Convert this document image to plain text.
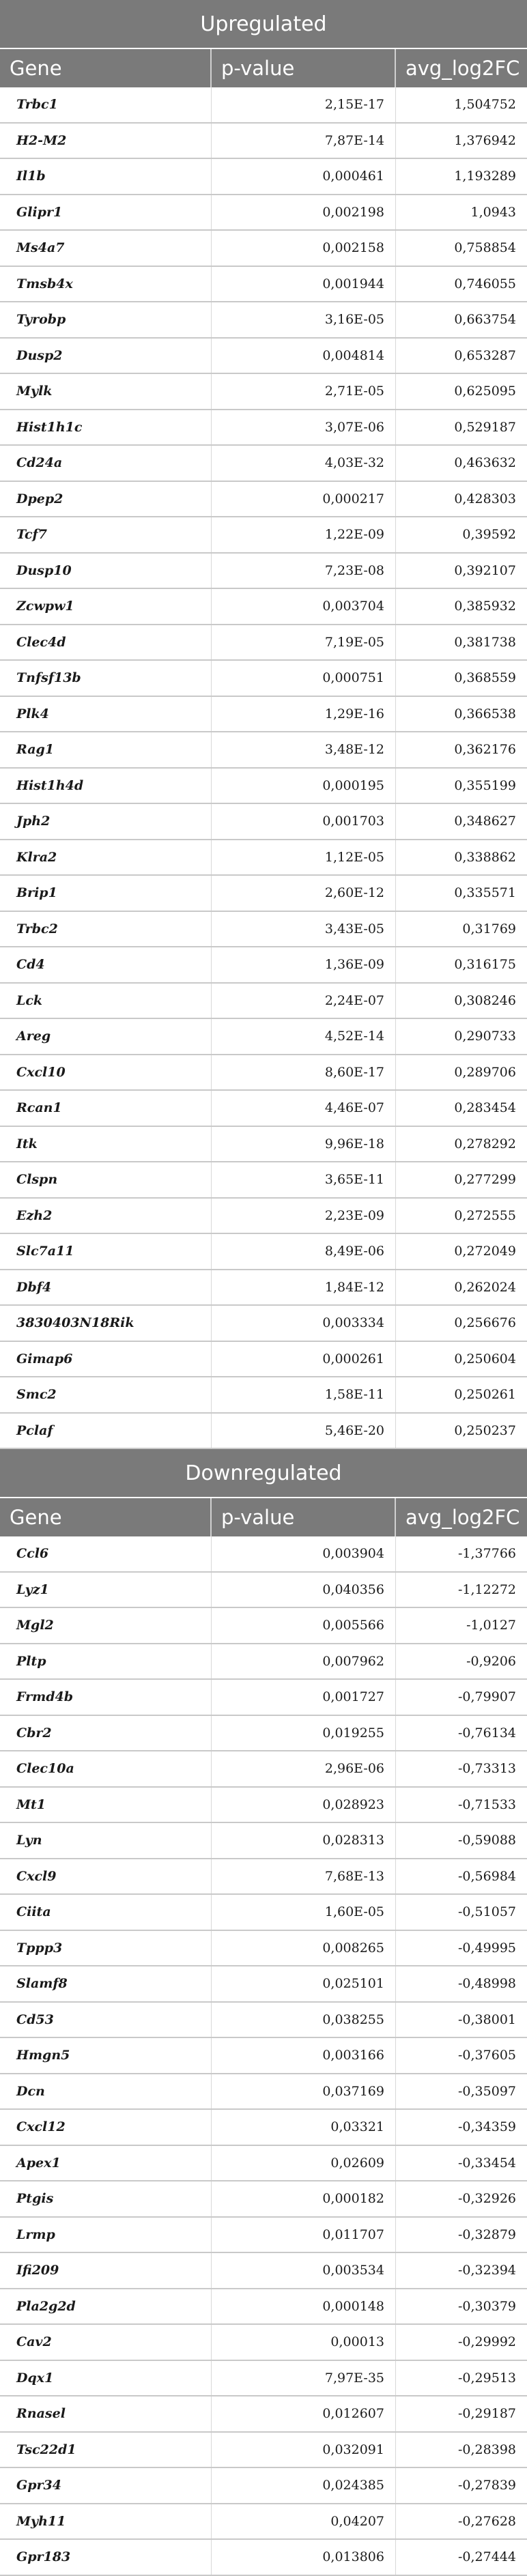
Upregulated
Gene	p-value	avg_log2FC
Trbc1	2,15E-17	1,504752
H2-M2	7,87E-14	1,376942
Il1b	0,000461	1,193289
Glipr1	0,002198	1,0943
Ms4a7	0,002158	0,758854
Tmsb4x	0,001944	0,746055
Tyrobp	3,16E-05	0,663754
Dusp2	0,004814	0,653287
Mylk	2,71E-05	0,625095
Hist1h1c	3,07E-06	0,529187
Cd24a	4,03E-32	0,463632
Dpep2	0,000217	0,428303
Tcf7	1,22E-09	0,39592
Dusp10	7,23E-08	0,392107
Zcwpw1	0,003704	0,385932
Clec4d	7,19E-05	0,381738
Tnfsf13b	0,000751	0,368559
Plk4	1,29E-16	0,366538
Rag1	3,48E-12	0,362176
Hist1h4d	0,000195	0,355199
Jph2	0,001703	0,348627
Klra2	1,12E-05	0,338862
Brip1	2,60E-12	0,335571
Trbc2	3,43E-05	0,31769
Cd4	1,36E-09	0,316175
Lck	2,24E-07	0,308246
Areg	4,52E-14	0,290733
Cxcl10	8,60E-17	0,289706
Rcan1	4,46E-07	0,283454
Itk	9,96E-18	0,278292
Clspn	3,65E-11	0,277299
Ezh2	2,23E-09	0,272555
Slc7a11	8,49E-06	0,272049
Dbf4	1,84E-12	0,262024
3830403N18Rik	0,003334	0,256676
Gimap6	0,000261	0,250604
Smc2	1,58E-11	0,250261
Pclaf	5,46E-20	0,250237
Downregulated
Gene	p-value	avg_log2FC
Ccl6	0,003904	-1,37766
Lyz1	0,040356	-1,12272
Mgl2	0,005566	-1,0127
Pltp	0,007962	-0,9206
Frmd4b	0,001727	-0,79907
Cbr2	0,019255	-0,76134
Clec10a	2,96E-06	-0,73313
Mt1	0,028923	-0,71533
Lyn	0,028313	-0,59088
Cxcl9	7,68E-13	-0,56984
Ciita	1,60E-05	-0,51057
Tppp3	0,008265	-0,49995
Slamf8	0,025101	-0,48998
Cd53	0,038255	-0,38001
Hmgn5	0,003166	-0,37605
Dcn	0,037169	-0,35097
Cxcl12	0,03321	-0,34359
Apex1	0,02609	-0,33454
Ptgis	0,000182	-0,32926
Lrmp	0,011707	-0,32879
Ifi209	0,003534	-0,32394
Pla2g2d	0,000148	-0,30379
Cav2	0,00013	-0,29992
Dqx1	7,97E-35	-0,29513
Rnasel	0,012607	-0,29187
Tsc22d1	0,032091	-0,28398
Gpr34	0,024385	-0,27839
Myh11	0,04207	-0,27628
Gpr183	0,013806	-0,27444
